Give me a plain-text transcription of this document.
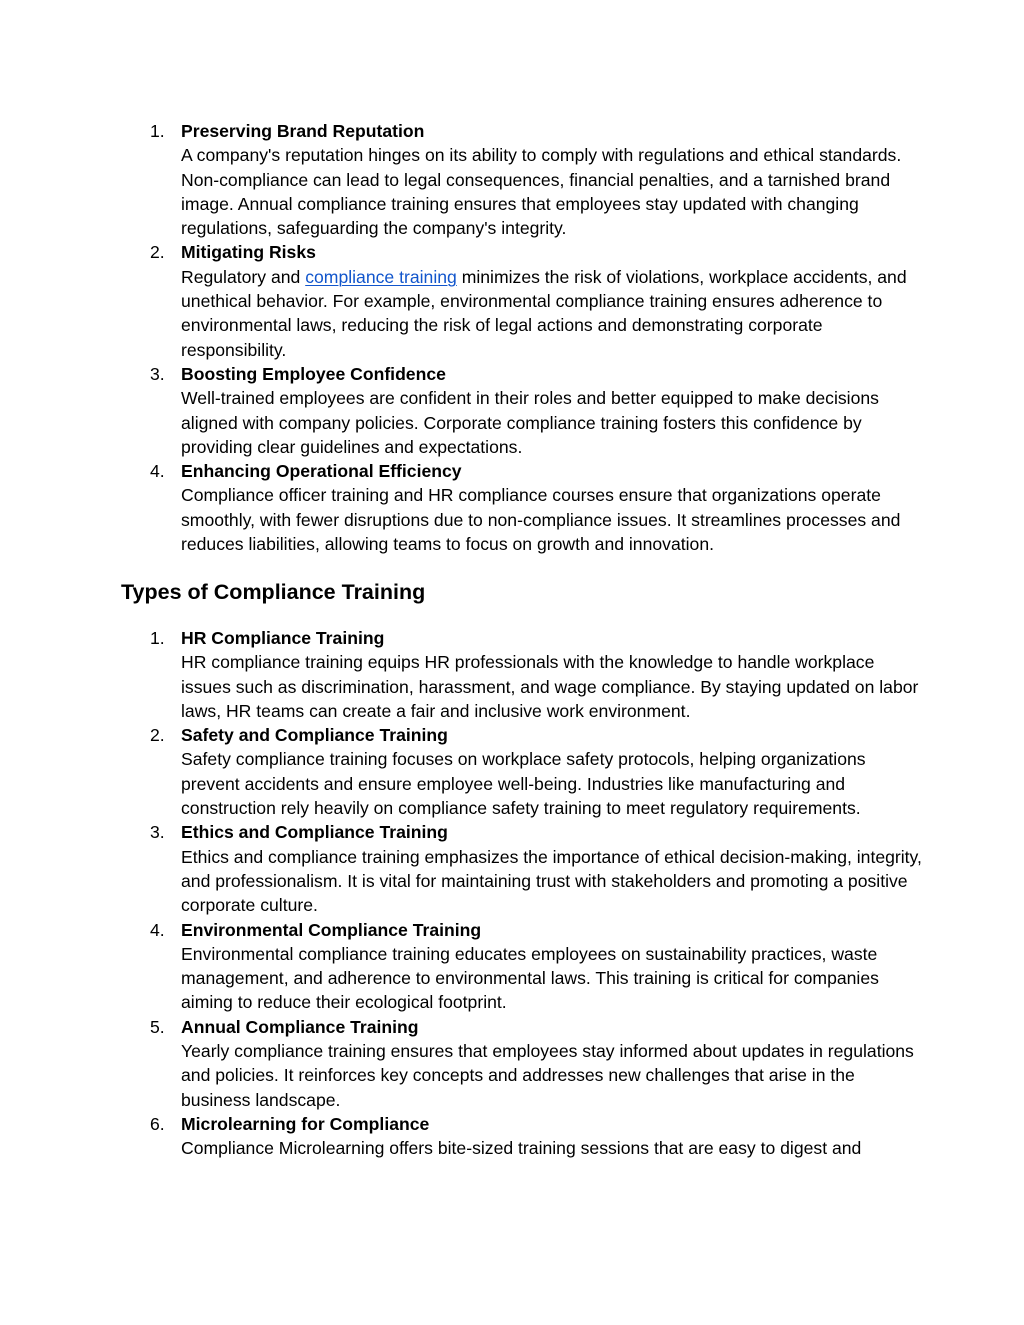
1. Preserving Brand Reputation
A company's reputation hinges on its ability to comply with regulations and ethical standards. Non-compliance can lead to legal consequences, financial penalties, and a tarnished brand image. Annual compliance training ensures that employees stay updated with changing regulations, safeguarding the company's integrity.
2. Mitigating Risks
Regulatory and compliance training minimizes the risk of violations, workplace accidents, and unethical behavior. For example, environmental compliance training ensures adherence to environmental laws, reducing the risk of legal actions and demonstrating corporate responsibility.
3. Boosting Employee Confidence
Well-trained employees are confident in their roles and better equipped to make decisions aligned with company policies. Corporate compliance training fosters this confidence by providing clear guidelines and expectations.
4. Enhancing Operational Efficiency
Compliance officer training and HR compliance courses ensure that organizations operate smoothly, with fewer disruptions due to non-compliance issues. It streamlines processes and reduces liabilities, allowing teams to focus on growth and innovation.
Types of Compliance Training
1. HR Compliance Training
HR compliance training equips HR professionals with the knowledge to handle workplace issues such as discrimination, harassment, and wage compliance. By staying updated on labor laws, HR teams can create a fair and inclusive work environment.
2. Safety and Compliance Training
Safety compliance training focuses on workplace safety protocols, helping organizations prevent accidents and ensure employee well-being. Industries like manufacturing and construction rely heavily on compliance safety training to meet regulatory requirements.
3. Ethics and Compliance Training
Ethics and compliance training emphasizes the importance of ethical decision-making, integrity, and professionalism. It is vital for maintaining trust with stakeholders and promoting a positive corporate culture.
4. Environmental Compliance Training
Environmental compliance training educates employees on sustainability practices, waste management, and adherence to environmental laws. This training is critical for companies aiming to reduce their ecological footprint.
5. Annual Compliance Training
Yearly compliance training ensures that employees stay informed about updates in regulations and policies. It reinforces key concepts and addresses new challenges that arise in the business landscape.
6. Microlearning for Compliance
Compliance Microlearning offers bite-sized training sessions that are easy to digest and
